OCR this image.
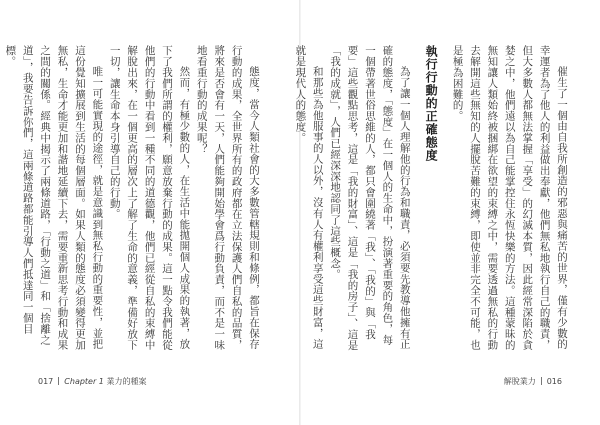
態度，當今人類社會的大多數管轄規則和條例，都旨在保存行動的成果，全世界所有的政府都在立法保護人們自私的品質，將來是否會有一天，人們能夠開始學會爲行動負責，而不是一味地看重行動的成果呢？

然而，有極少數的人，在生活中能拋開個人成果的執著，放下了我們所謂的權利，願意放棄行動的成果。這一點令我們能從他們的行動中看到一種不同的道德觀，他們已經從自私的束縛中解脫出來，在一個更高的層次上了解了生命的意義，準備好放下一切，讓生命本身引導自己的行動。

唯一可能實現的途徑，就是意識到無私行動的重要性，並把這份覺知擴展到生活的每個層面。如果人類的態度必須變得更加無私，生命才能更加和諧地延續下去，需要重新思考行動和成果之間的關係。經典中揭示了兩條道路，「行動之道」和「捨離之道」，我要告訴你們，這兩條道路都能引導人們抵達同一個目標。

017 Chapter 1 業力的種案

催生了一個由自我所創造的邪惡與痛苦的世界，僅有少數的幸運者為了他人的利益做出奉獻，他們無私地執行自己的職責，但大多數人都無法掌握「享受」的幻滅本質，因此經常深陷於貪婪之中，他們遠以為自己能掌控住永恆快樂的方法。這種蒙昧的無知讓人類始終被捆綁在欲望的束縛之中，需要透過無私的行動去解開這些無知的人擺脫苦難的束縛，即使並非完全不可能，也是極為困難的。

執行行動的正確態度

為了讓一個人理解他的行為和職責，必須要先教導他擁有正確的態度，「態度」在一個人的生命中，扮演著重要的角色，每一個帶著世俗思維的人，都只會圍繞著「我」、「我的」與「我要」這些觀點思考，這是「我的財富」、這是「我的房子」、這是「我的成就」，人們已經深深地認同了這些概念。

和那些為他服事的人以外，沒有人有權利享受這些財富，這就是現代人的態度。

解脫業力 016
